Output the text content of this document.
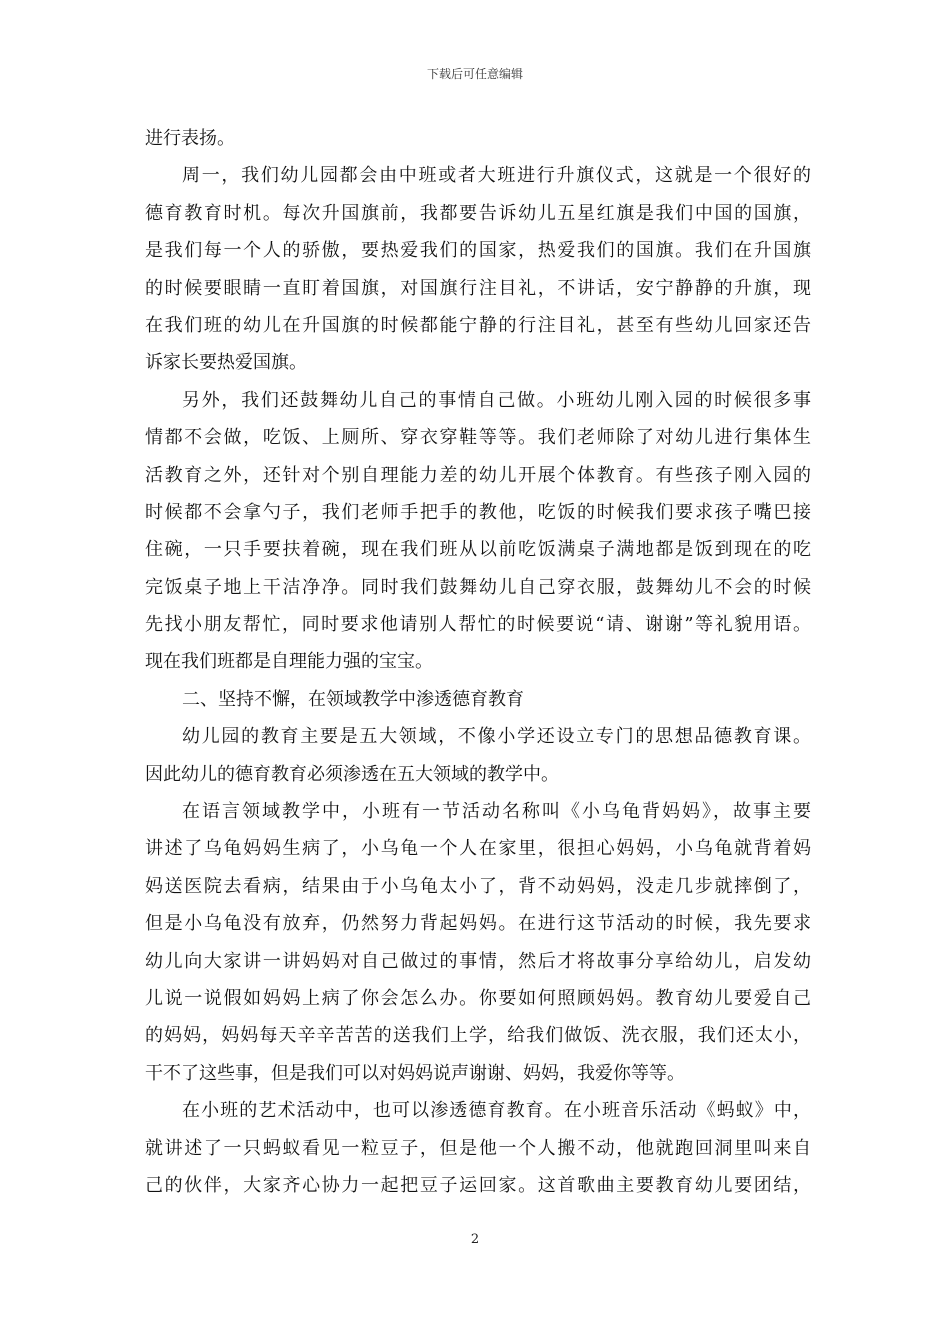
下载后可任意编辑
进行表扬。
周一，我们幼儿园都会由中班或者大班进行升旗仪式，这就是一个很好的
德育教育时机。每次升国旗前，我都要告诉幼儿五星红旗是我们中国的国旗，
是我们每一个人的骄傲，要热爱我们的国家，热爱我们的国旗。我们在升国旗
的时候要眼睛一直盯着国旗，对国旗行注目礼，不讲话，安宁静静的升旗，现
在我们班的幼儿在升国旗的时候都能宁静的行注目礼，甚至有些幼儿回家还告
诉家长要热爱国旗。
另外，我们还鼓舞幼儿自己的事情自己做。小班幼儿刚入园的时候很多事
情都不会做，吃饭、上厕所、穿衣穿鞋等等。我们老师除了对幼儿进行集体生
活教育之外，还针对个别自理能力差的幼儿开展个体教育。有些孩子刚入园的
时候都不会拿勺子，我们老师手把手的教他，吃饭的时候我们要求孩子嘴巴接
住碗，一只手要扶着碗，现在我们班从以前吃饭满桌子满地都是饭到现在的吃
完饭桌子地上干洁净净。同时我们鼓舞幼儿自己穿衣服，鼓舞幼儿不会的时候
先找小朋友帮忙，同时要求他请别人帮忙的时候要说“请、谢谢”等礼貌用语。
现在我们班都是自理能力强的宝宝。
二、坚持不懈，在领域教学中渗透德育教育
幼儿园的教育主要是五大领域，不像小学还设立专门的思想品德教育课。
因此幼儿的德育教育必须渗透在五大领域的教学中。
在语言领域教学中，小班有一节活动名称叫《小乌龟背妈妈》，故事主要
讲述了乌龟妈妈生病了，小乌龟一个人在家里，很担心妈妈，小乌龟就背着妈
妈送医院去看病，结果由于小乌龟太小了，背不动妈妈，没走几步就摔倒了，
但是小乌龟没有放弃，仍然努力背起妈妈。在进行这节活动的时候，我先要求
幼儿向大家讲一讲妈妈对自己做过的事情，然后才将故事分享给幼儿，启发幼
儿说一说假如妈妈上病了你会怎么办。你要如何照顾妈妈。教育幼儿要爱自己
的妈妈，妈妈每天辛辛苦苦的送我们上学，给我们做饭、洗衣服，我们还太小，
干不了这些事，但是我们可以对妈妈说声谢谢、妈妈，我爱你等等。
在小班的艺术活动中，也可以渗透德育教育。在小班音乐活动《蚂蚁》中，
就讲述了一只蚂蚁看见一粒豆子，但是他一个人搬不动，他就跑回洞里叫来自
己的伙伴，大家齐心协力一起把豆子运回家。这首歌曲主要教育幼儿要团结，
2
